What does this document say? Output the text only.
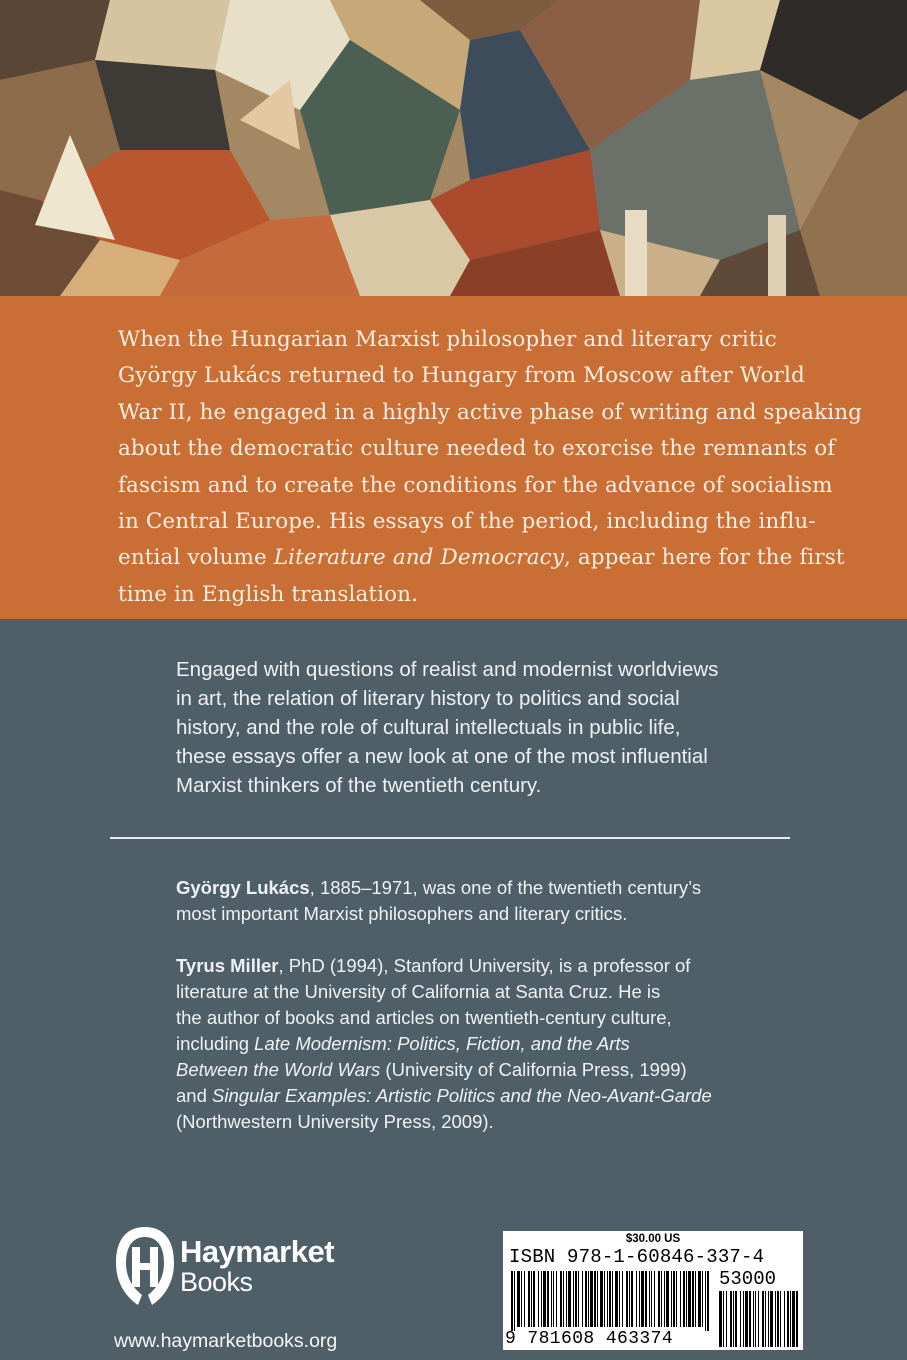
When the Hungarian Marxist philosopher and literary critic
György Lukács returned to Hungary from Moscow after World
War II, he engaged in a highly active phase of writing and speaking
about the democratic culture needed to exorcise the remnants of
fascism and to create the conditions for the advance of socialism
in Central Europe. His essays of the period, including the influ-
ential volume Literature and Democracy, appear here for the first
time in English translation.

Engaged with questions of realist and modernist worldviews
in art, the relation of literary history to politics and social
history, and the role of cultural intellectuals in public life,
these essays offer a new look at one of the most influential
Marxist thinkers of the twentieth century.

György Lukács, 1885–1971, was one of the twentieth century’s
most important Marxist philosophers and literary critics.

Tyrus Miller, PhD (1994), Stanford University, is a professor of
literature at the University of California at Santa Cruz. He is
the author of books and articles on twentieth-century culture,
including Late Modernism: Politics, Fiction, and the Arts
Between the World Wars (University of California Press, 1999)
and Singular Examples: Artistic Politics and the Neo-Avant-Garde
(Northwestern University Press, 2009).

Haymarket
Books
www.haymarketbooks.org
$30.00 US
ISBN 978-1-60846-337-4
53000
9 781608 463374
